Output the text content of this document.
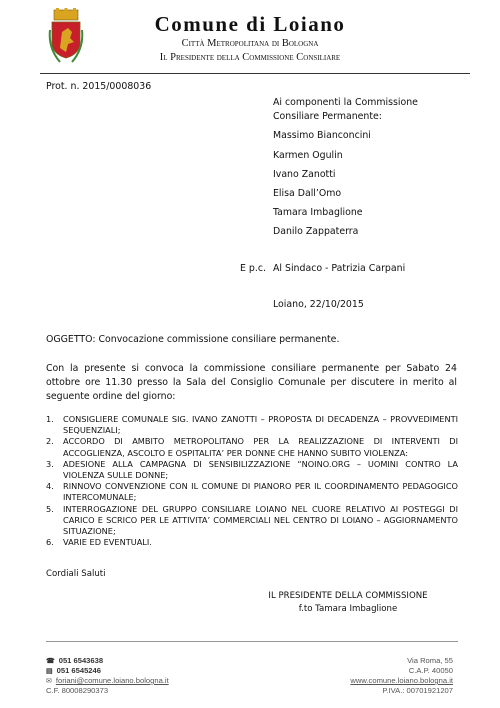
Comune di Loiano
Città Metropolitana di Bologna
Il Presidente della Commissione Consiliare
Prot. n. 2015/0008036
Ai componenti la Commissione
Consiliare Permanente:
Massimo Bianconcini
Karmen Ogulin
Ivano Zanotti
Elisa Dall’Omo
Tamara Imbaglione
Danilo Zappaterra
E p.c. Al Sindaco - Patrizia Carpani
Loiano, 22/10/2015
OGGETTO: Convocazione commissione consiliare permanente.
Con la presente si convoca la commissione consiliare permanente per Sabato 24 ottobre ore 11.30 presso la Sala del Consiglio Comunale per discutere in merito al seguente ordine del giorno:
1. CONSIGLIERE COMUNALE SIG. IVANO ZANOTTI – PROPOSTA DI DECADENZA – PROVVEDIMENTI SEQUENZIALI;
2. ACCORDO DI AMBITO METROPOLITANO PER LA REALIZZAZIONE DI INTERVENTI DI ACCOGLIENZA, ASCOLTO E OSPITALITA’ PER DONNE CHE HANNO SUBITO VIOLENZA:
3. ADESIONE ALLA CAMPAGNA DI SENSIBILIZZAZIONE “NOINO.ORG – UOMINI CONTRO LA VIOLENZA SULLE DONNE;
4. RINNOVO CONVENZIONE CON IL COMUNE DI PIANORO PER IL COORDINAMENTO PEDAGOGICO INTERCOMUNALE;
5. INTERROGAZIONE DEL GRUPPO CONSILIARE LOIANO NEL CUORE RELATIVO AI POSTEGGI DI CARICO E SCRICO PER LE ATTIVITA’ COMMERCIALI NEL CENTRO DI LOIANO – AGGIORNAMENTO SITUAZIONE;
6. VARIE ED EVENTUALI.
Cordiali Saluti
IL PRESIDENTE DELLA COMMISSIONE
f.to Tamara Imbaglione
☎ 051 6543638
▤ 051 6545246
✉ foriani@comune.loiano.bologna.it
C.F. 80008290373
Via Roma, 55
C.A.P. 40050
www.comune.loiano.bologna.it
P.IVA.: 00701921207
